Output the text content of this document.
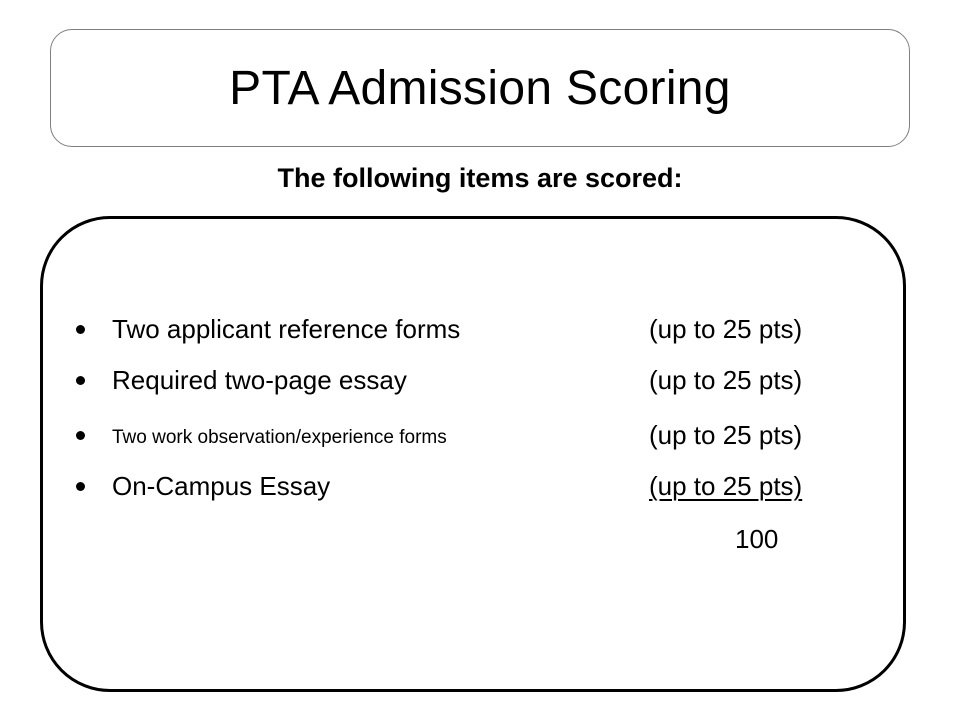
PTA Admission Scoring

The following items are scored:

Two applicant reference forms	(up to 25 pts)
Required two-page essay	(up to 25 pts)
Two work observation/experience forms	(up to 25 pts)
On-Campus Essay	(up to 25 pts)
100
